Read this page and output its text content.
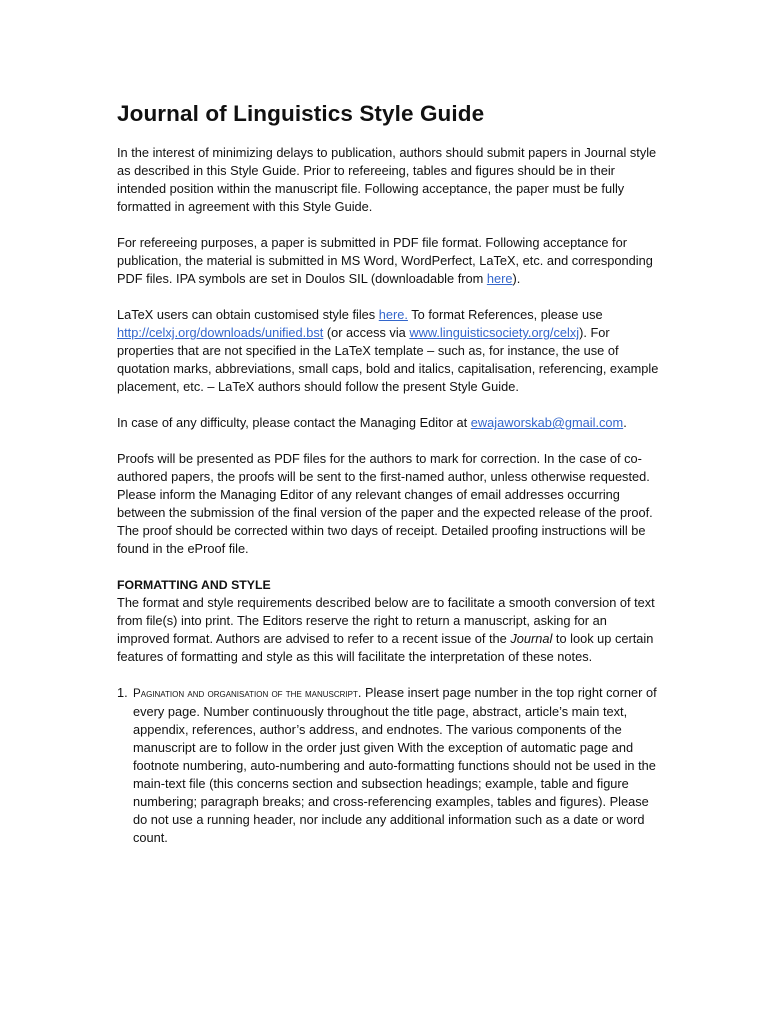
Journal of Linguistics Style Guide

In the interest of minimizing delays to publication, authors should submit papers in Journal style as described in this Style Guide. Prior to refereeing, tables and figures should be in their intended position within the manuscript file. Following acceptance, the paper must be fully formatted in agreement with this Style Guide.

For refereeing purposes, a paper is submitted in PDF file format. Following acceptance for publication, the material is submitted in MS Word, WordPerfect, LaTeX, etc. and corresponding PDF files. IPA symbols are set in Doulos SIL (downloadable from here).

LaTeX users can obtain customised style files here. To format References, please use http://celxj.org/downloads/unified.bst (or access via www.linguisticsociety.org/celxj). For properties that are not specified in the LaTeX template – such as, for instance, the use of quotation marks, abbreviations, small caps, bold and italics, capitalisation, referencing, example placement, etc. – LaTeX authors should follow the present Style Guide.

In case of any difficulty, please contact the Managing Editor at ewajaworskab@gmail.com.

Proofs will be presented as PDF files for the authors to mark for correction. In the case of co-authored papers, the proofs will be sent to the first-named author, unless otherwise requested. Please inform the Managing Editor of any relevant changes of email addresses occurring between the submission of the final version of the paper and the expected release of the proof. The proof should be corrected within two days of receipt. Detailed proofing instructions will be found in the eProof file.

FORMATTING AND STYLE

The format and style requirements described below are to facilitate a smooth conversion of text from file(s) into print. The Editors reserve the right to return a manuscript, asking for an improved format. Authors are advised to refer to a recent issue of the Journal to look up certain features of formatting and style as this will facilitate the interpretation of these notes.

1. Pagination and organisation of the manuscript. Please insert page number in the top right corner of every page. Number continuously throughout the title page, abstract, article’s main text, appendix, references, author’s address, and endnotes. The various components of the manuscript are to follow in the order just given With the exception of automatic page and footnote numbering, auto-numbering and auto-formatting functions should not be used in the main-text file (this concerns section and subsection headings; example, table and figure numbering; paragraph breaks; and cross-referencing examples, tables and figures). Please do not use a running header, nor include any additional information such as a date or word count.
